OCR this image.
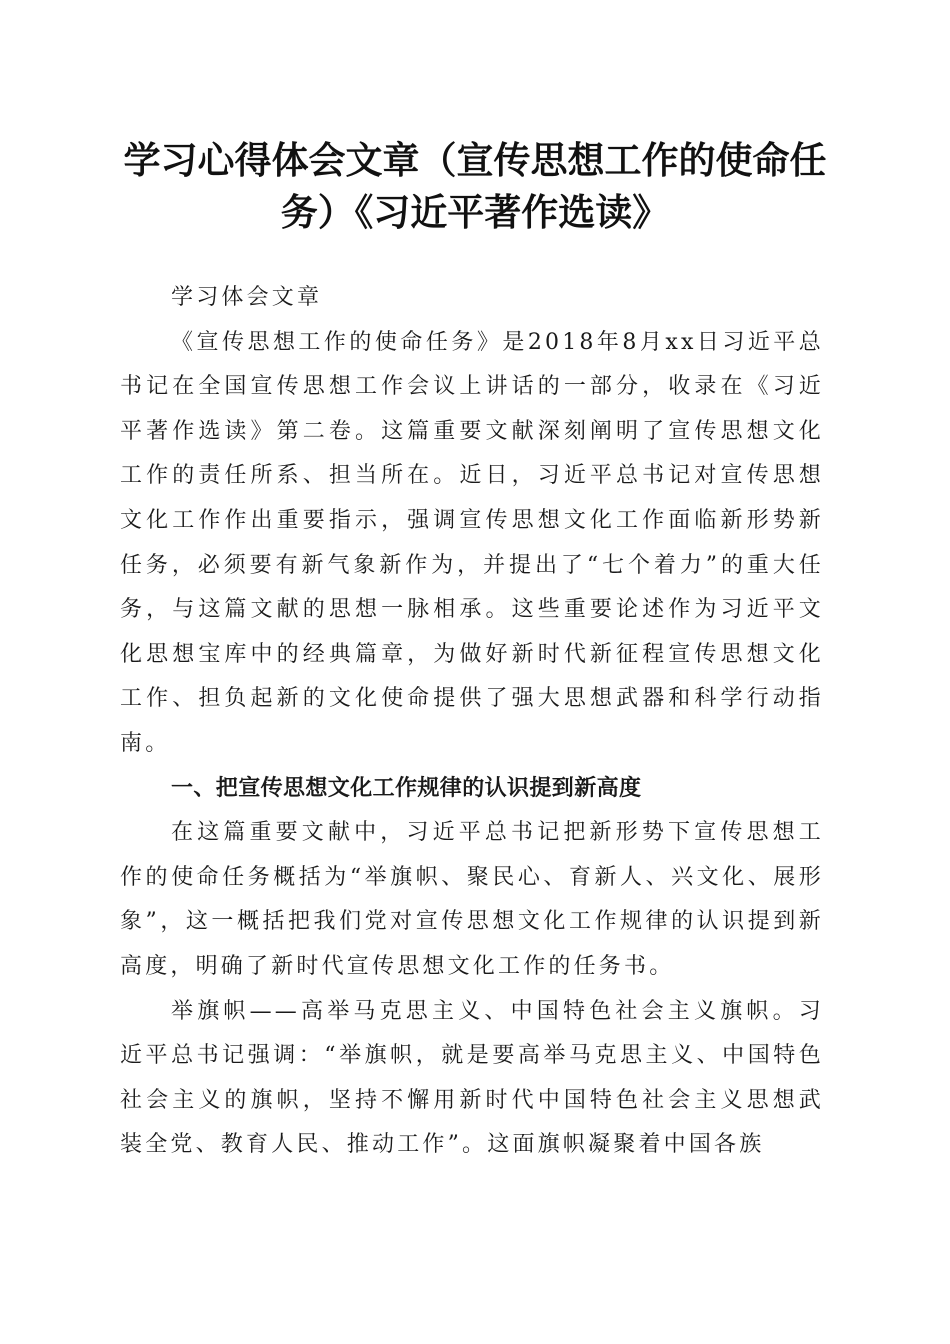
学习心得体会文章（宣传思想工作的使命任务）《习近平著作选读》

学习体会文章

《宣传思想工作的使命任务》是2018年8月xx日习近平总书记在全国宣传思想工作会议上讲话的一部分，收录在《习近平著作选读》第二卷。这篇重要文献深刻阐明了宣传思想文化工作的责任所系、担当所在。近日，习近平总书记对宣传思想文化工作作出重要指示，强调宣传思想文化工作面临新形势新任务，必须要有新气象新作为，并提出了“七个着力”的重大任务，与这篇文献的思想一脉相承。这些重要论述作为习近平文化思想宝库中的经典篇章，为做好新时代新征程宣传思想文化工作、担负起新的文化使命提供了强大思想武器和科学行动指南。

一、把宣传思想文化工作规律的认识提到新高度

在这篇重要文献中，习近平总书记把新形势下宣传思想工作的使命任务概括为“举旗帜、聚民心、育新人、兴文化、展形象”，这一概括把我们党对宣传思想文化工作规律的认识提到新高度，明确了新时代宣传思想文化工作的任务书。

举旗帜——高举马克思主义、中国特色社会主义旗帜。习近平总书记强调：“举旗帜，就是要高举马克思主义、中国特色社会主义的旗帜，坚持不懈用新时代中国特色社会主义思想武装全党、教育人民、推动工作”。这面旗帜凝聚着中国各族
